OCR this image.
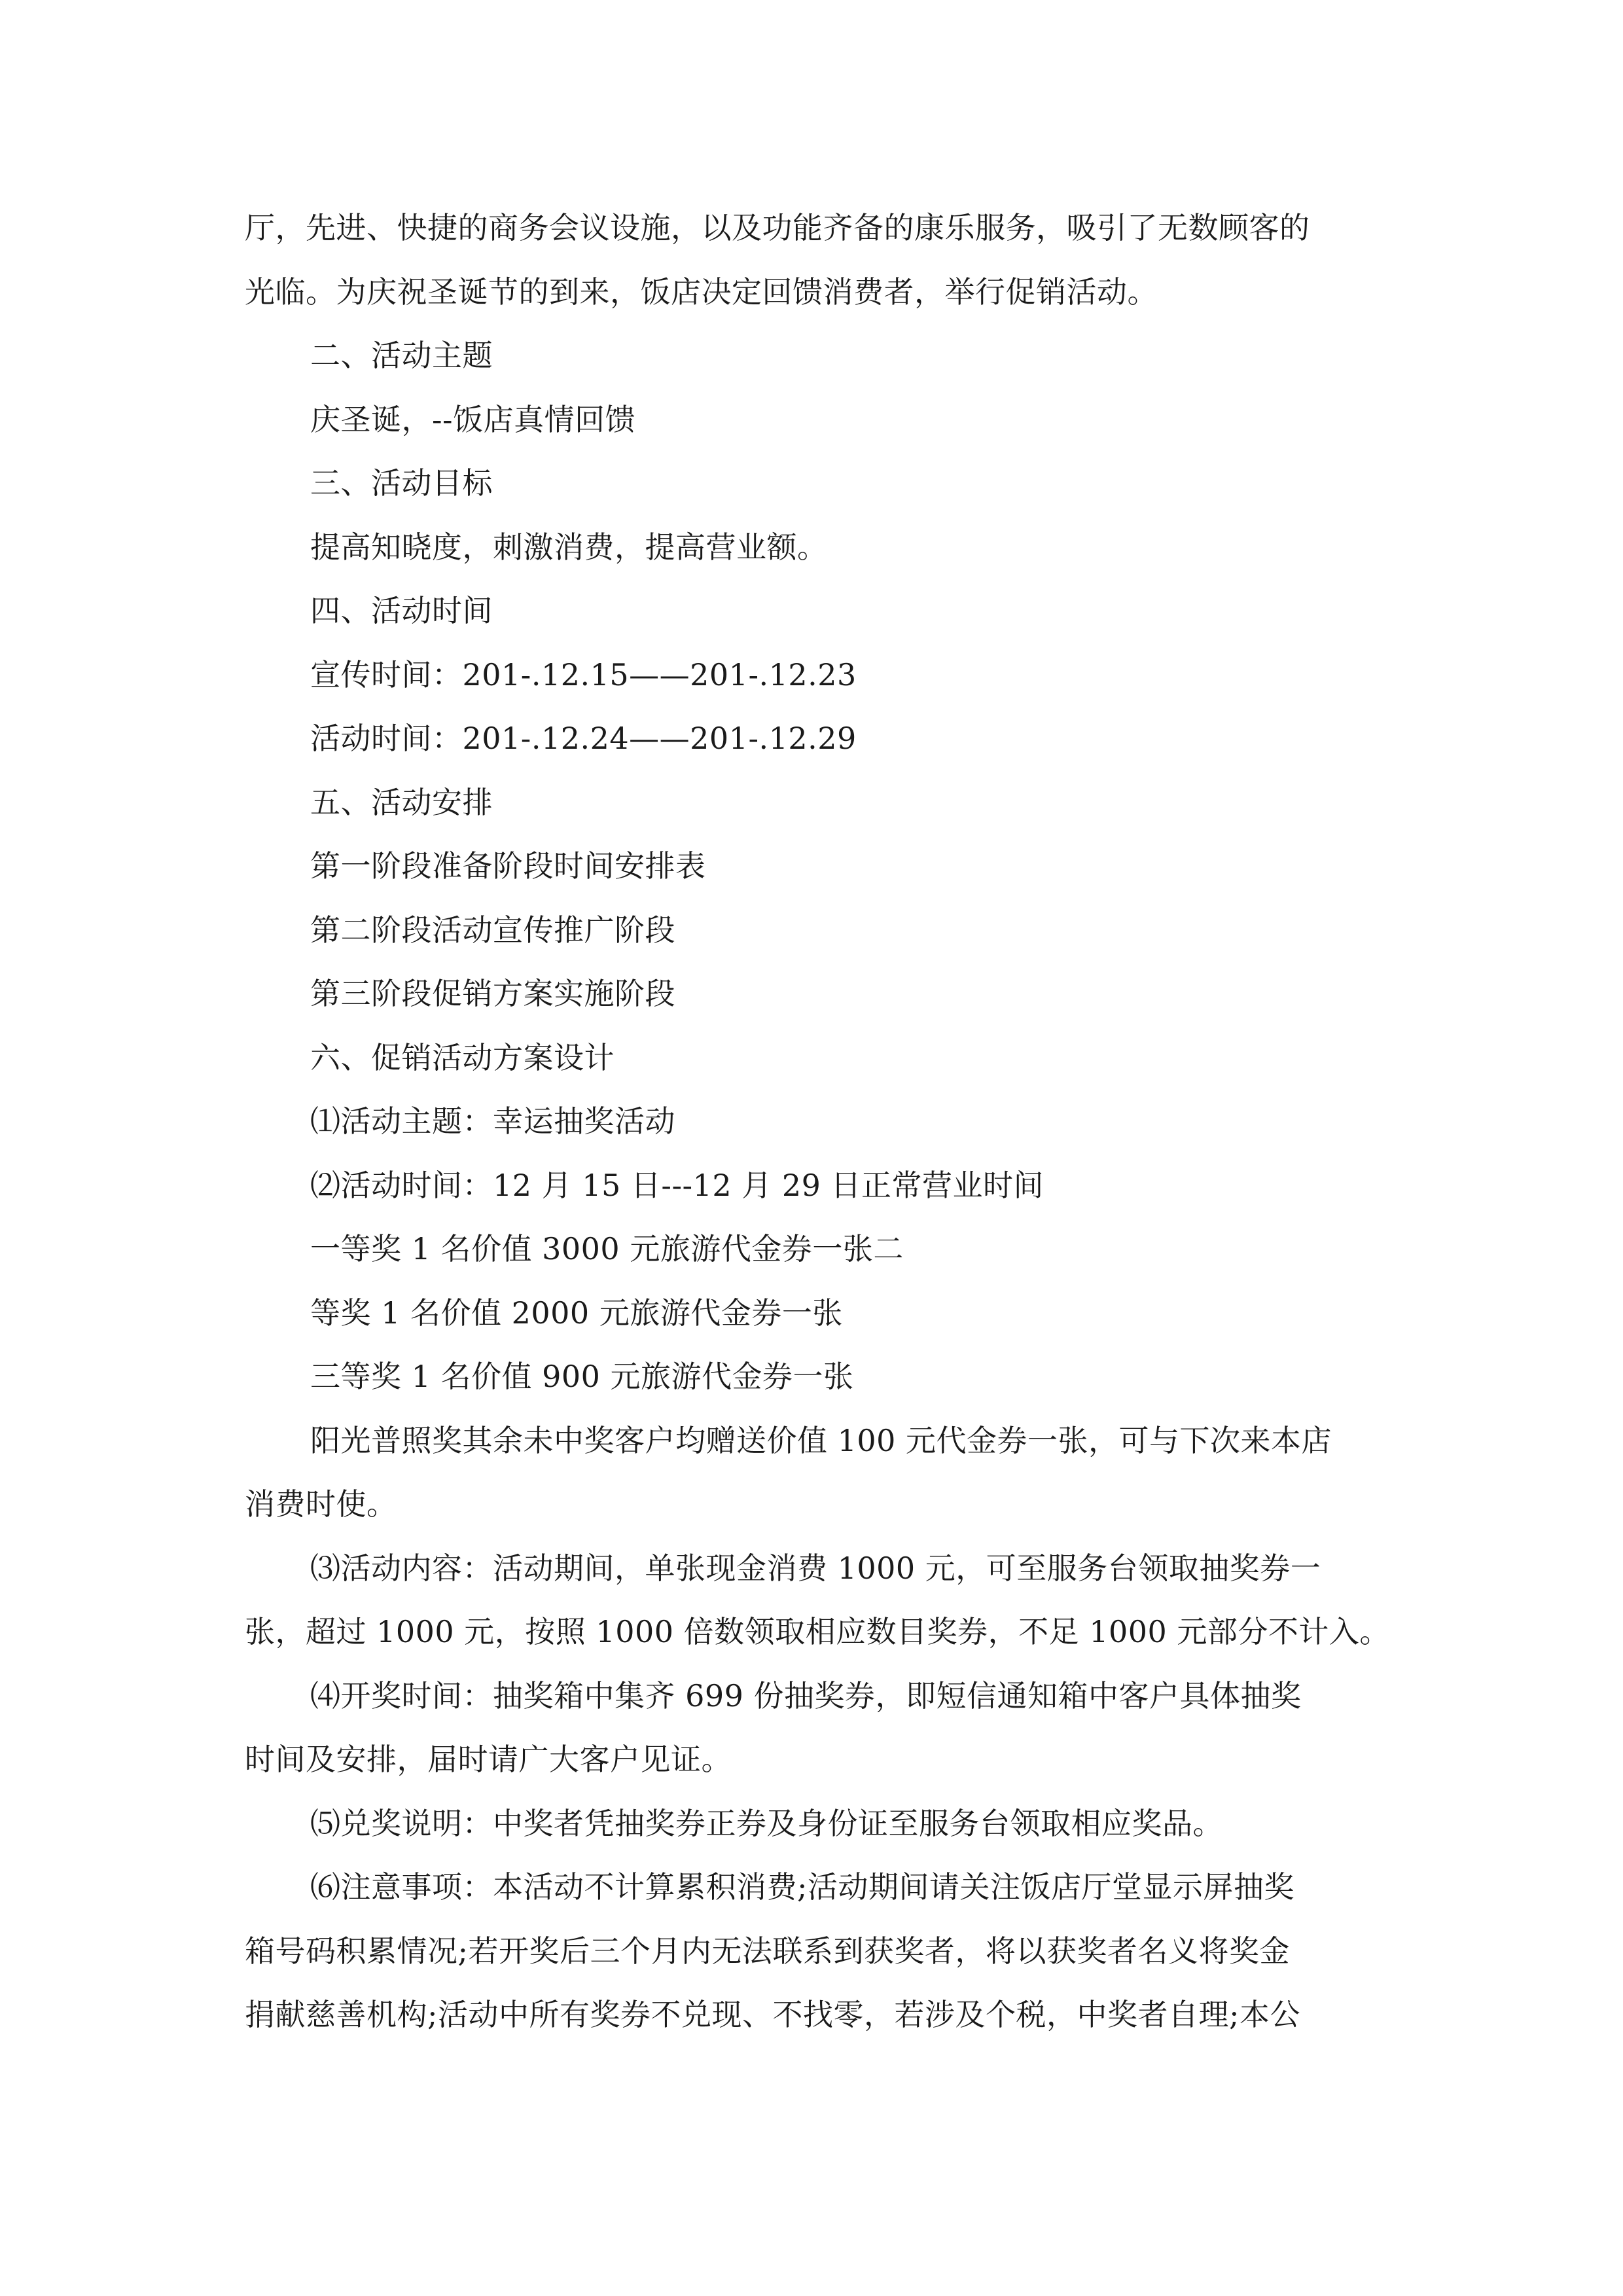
厅，先进、快捷的商务会议设施，以及功能齐备的康乐服务，吸引了无数顾客的
光临。为庆祝圣诞节的到来，饭店决定回馈消费者，举行促销活动。
二、活动主题
庆圣诞，--饭店真情回馈
三、活动目标
提高知晓度，刺激消费，提高营业额。
四、活动时间
宣传时间：201-.12.15——201-.12.23
活动时间：201-.12.24——201-.12.29
五、活动安排
第一阶段准备阶段时间安排表
第二阶段活动宣传推广阶段
第三阶段促销方案实施阶段
六、促销活动方案设计
⑴活动主题：幸运抽奖活动
⑵活动时间：12 月 15 日---12 月 29 日正常营业时间
一等奖 1 名价值 3000 元旅游代金券一张二
等奖 1 名价值 2000 元旅游代金券一张
三等奖 1 名价值 900 元旅游代金券一张
阳光普照奖其余未中奖客户均赠送价值 100 元代金券一张，可与下次来本店
消费时使。
⑶活动内容：活动期间，单张现金消费 1000 元，可至服务台领取抽奖券一
张，超过 1000 元，按照 1000 倍数领取相应数目奖券，不足 1000 元部分不计入。
⑷开奖时间：抽奖箱中集齐 699 份抽奖券，即短信通知箱中客户具体抽奖
时间及安排，届时请广大客户见证。
⑸兑奖说明：中奖者凭抽奖券正券及身份证至服务台领取相应奖品。
⑹注意事项：本活动不计算累积消费;活动期间请关注饭店厅堂显示屏抽奖
箱号码积累情况;若开奖后三个月内无法联系到获奖者，将以获奖者名义将奖金
捐献慈善机构;活动中所有奖券不兑现、不找零，若涉及个税，中奖者自理;本公
